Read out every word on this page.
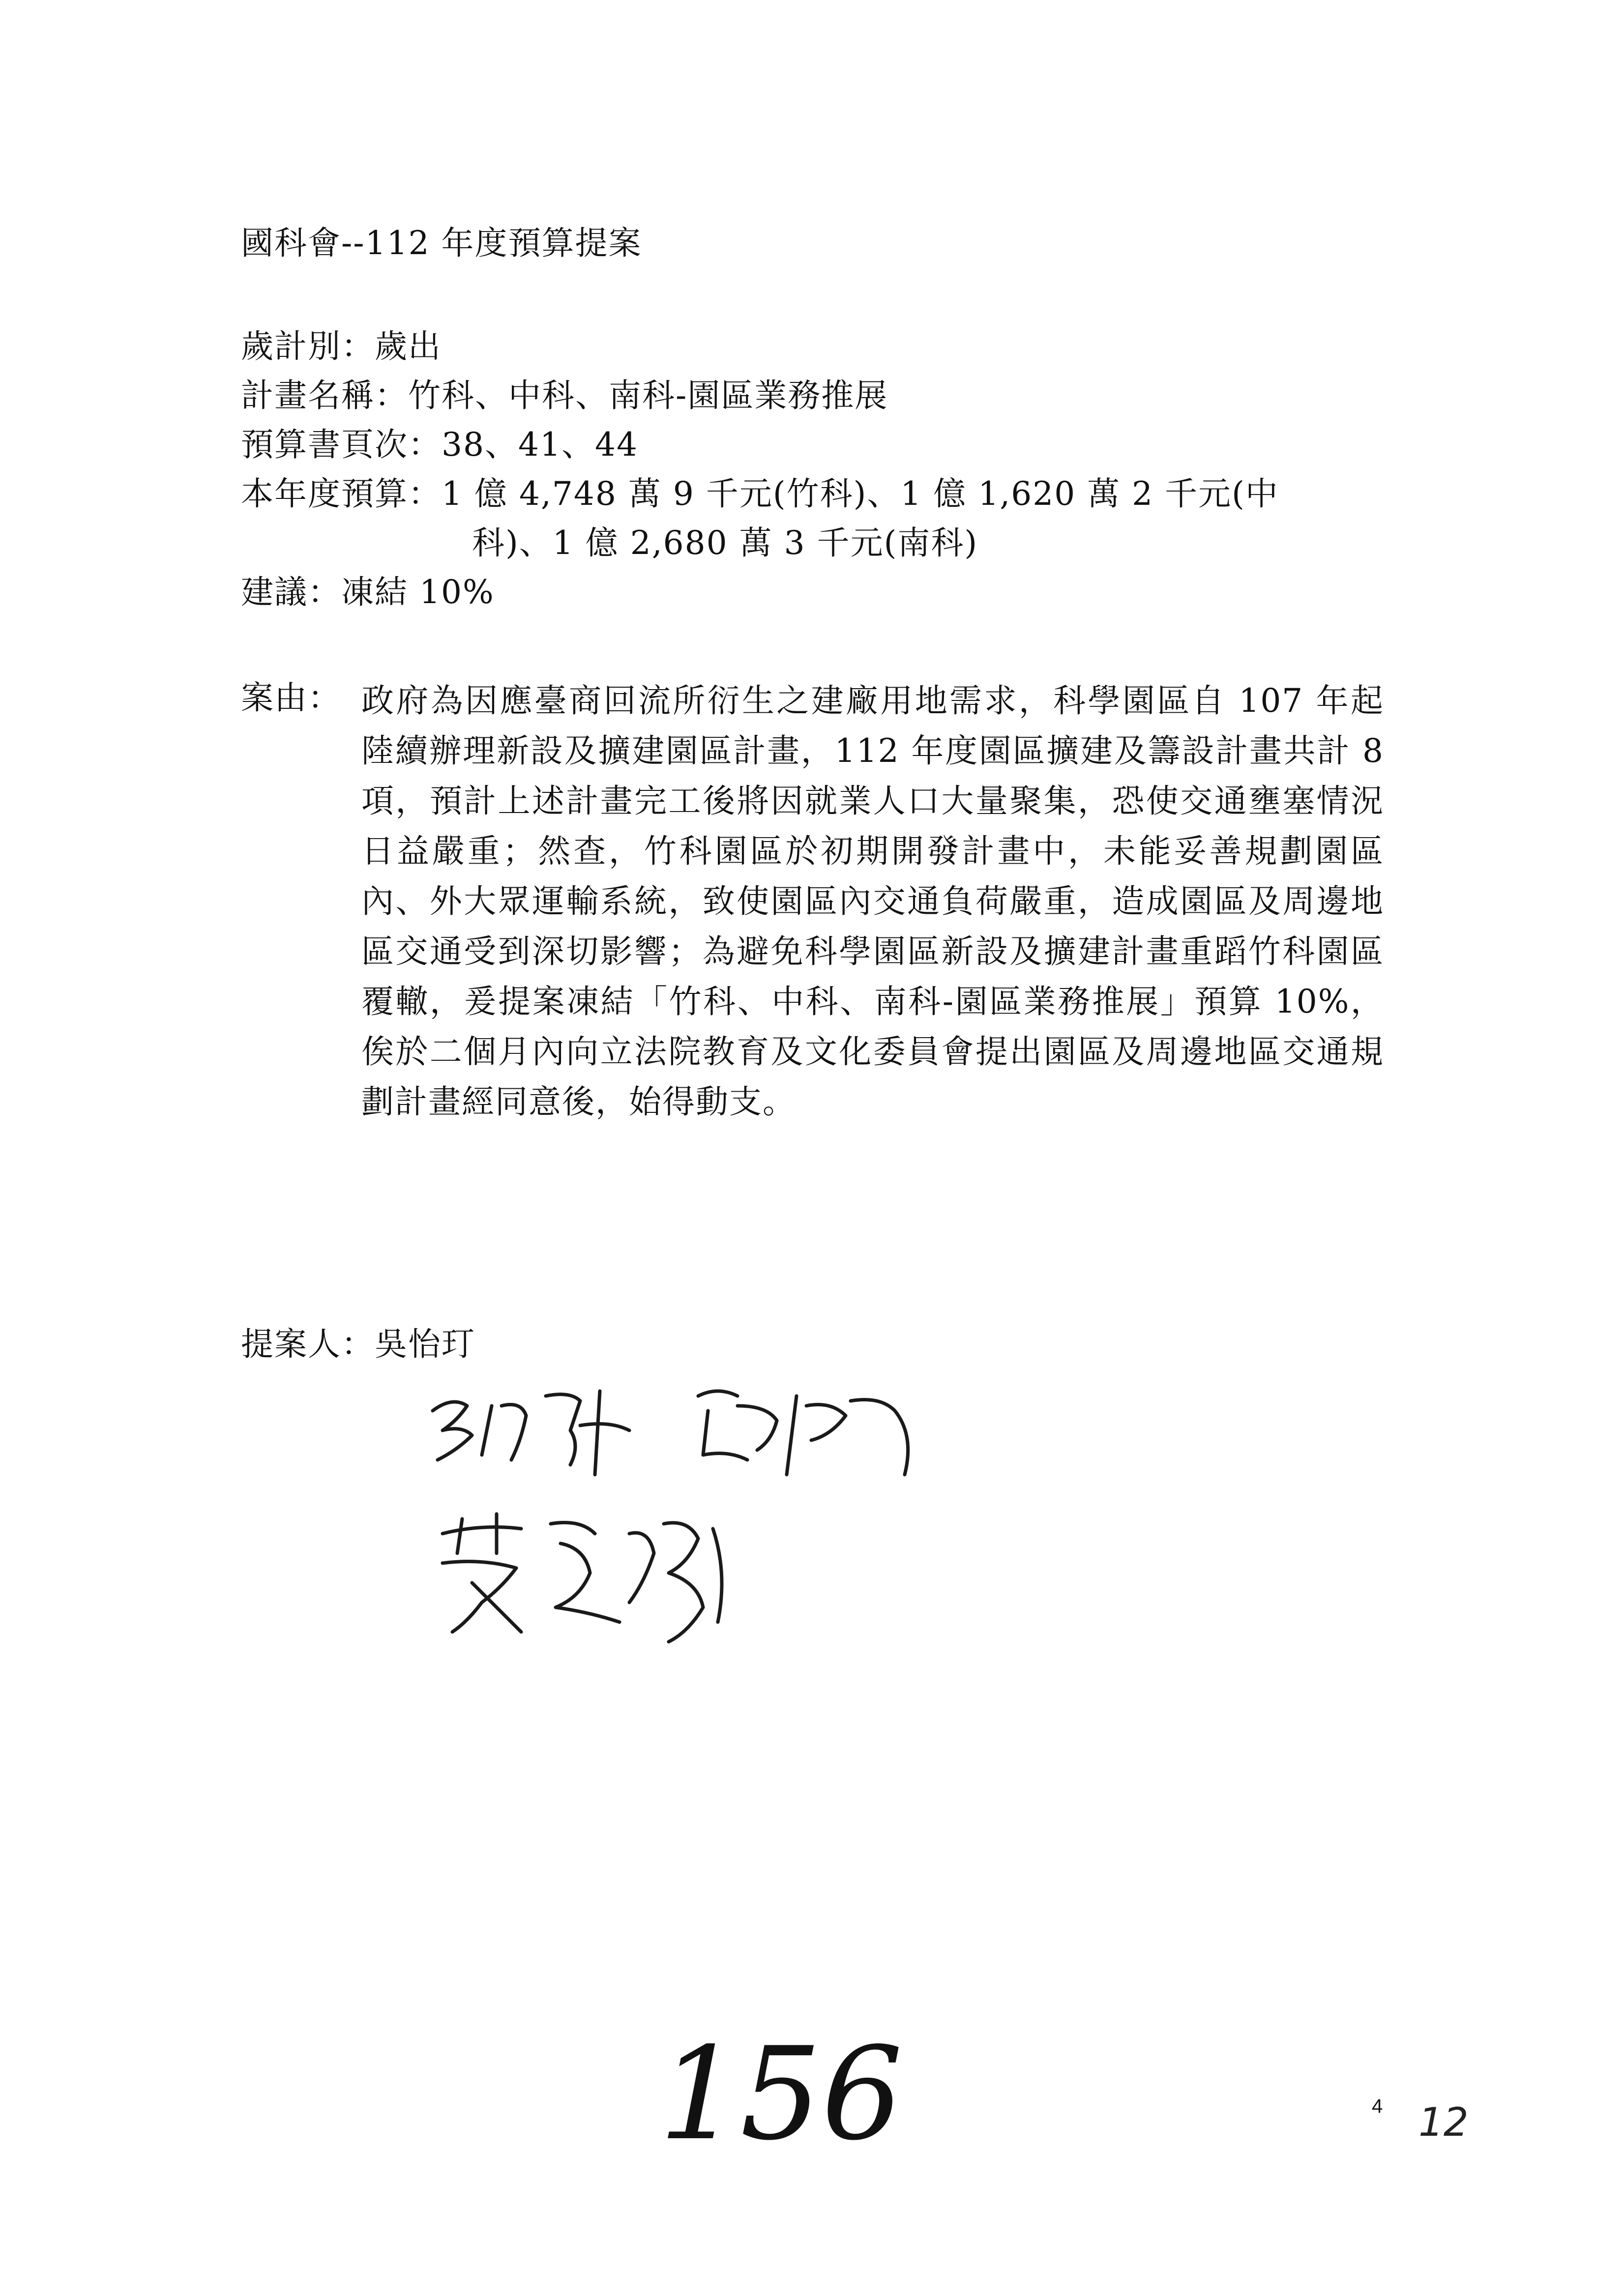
國科會--112 年度預算提案
歲計別：歲出
計畫名稱：竹科、中科、南科-園區業務推展
預算書頁次：38、41、44
本年度預算：1 億 4,748 萬 9 千元(竹科)、1 億 1,620 萬 2 千元(中
科)、1 億 2,680 萬 3 千元(南科)
建議：凍結 10%
案由： 政府為因應臺商回流所衍生之建廠用地需求，科學園區自 107 年起陸續辦理新設及擴建園區計畫，112 年度園區擴建及籌設計畫共計 8 項，預計上述計畫完工後將因就業人口大量聚集，恐使交通壅塞情況日益嚴重；然查，竹科園區於初期開發計畫中，未能妥善規劃園區內、外大眾運輸系統，致使園區內交通負荷嚴重，造成園區及周邊地區交通受到深切影響；為避免科學園區新設及擴建計畫重蹈竹科園區覆轍，爰提案凍結「竹科、中科、南科-園區業務推展」預算 10%，俟於二個月內向立法院教育及文化委員會提出園區及周邊地區交通規劃計畫經同意後，始得動支。
提案人：吳怡玎
156	4 12
